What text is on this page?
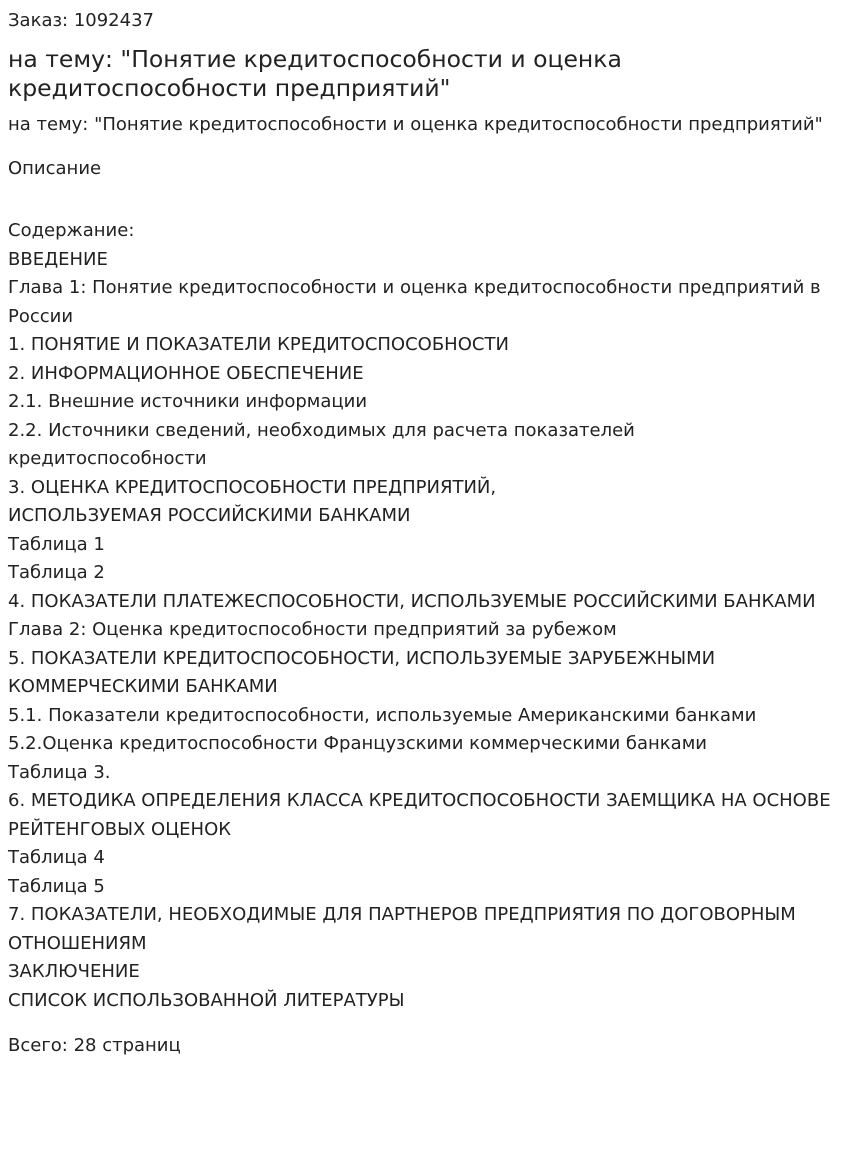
Заказ: 1092437

на тему: "Понятие кредитоспособности и оценка кредитоспособности предприятий"

на тему: "Понятие кредитоспособности и оценка кредитоспособности предприятий"

Описание

Содержание:
ВВЕДЕНИЕ
Глава 1: Понятие кредитоспособности и оценка кредитоспособности предприятий в России
1. ПОНЯТИЕ И ПОКАЗАТЕЛИ КРЕДИТОСПОСОБНОСТИ
2. ИНФОРМАЦИОННОЕ ОБЕСПЕЧЕНИЕ
2.1. Внешние источники информации
2.2. Источники сведений, необходимых для расчета показателей кредитоспособности
3. ОЦЕНКА КРЕДИТОСПОСОБНОСТИ ПРЕДПРИЯТИЙ,
ИСПОЛЬЗУЕМАЯ РОССИЙСКИМИ БАНКАМИ
Таблица 1
Таблица 2
4. ПОКАЗАТЕЛИ ПЛАТЕЖЕСПОСОБНОСТИ, ИСПОЛЬЗУЕМЫЕ РОССИЙСКИМИ БАНКАМИ
Глава 2: Оценка кредитоспособности предприятий за рубежом
5. ПОКАЗАТЕЛИ КРЕДИТОСПОСОБНОСТИ, ИСПОЛЬЗУЕМЫЕ ЗАРУБЕЖНЫМИ КОММЕРЧЕСКИМИ БАНКАМИ
5.1. Показатели кредитоспособности, используемые Американскими банками
5.2.Оценка кредитоспособности Французскими коммерческими банками
Таблица 3.
6. МЕТОДИКА ОПРЕДЕЛЕНИЯ КЛАССА КРЕДИТОСПОСОБНОСТИ ЗАЕМЩИКА НА ОСНОВЕ РЕЙТЕНГОВЫХ ОЦЕНОК
Таблица 4
Таблица 5
7. ПОКАЗАТЕЛИ, НЕОБХОДИМЫЕ ДЛЯ ПАРТНЕРОВ ПРЕДПРИЯТИЯ ПО ДОГОВОРНЫМ ОТНОШЕНИЯМ
ЗАКЛЮЧЕНИЕ
СПИСОК ИСПОЛЬЗОВАННОЙ ЛИТЕРАТУРЫ

Всего: 28 страниц
